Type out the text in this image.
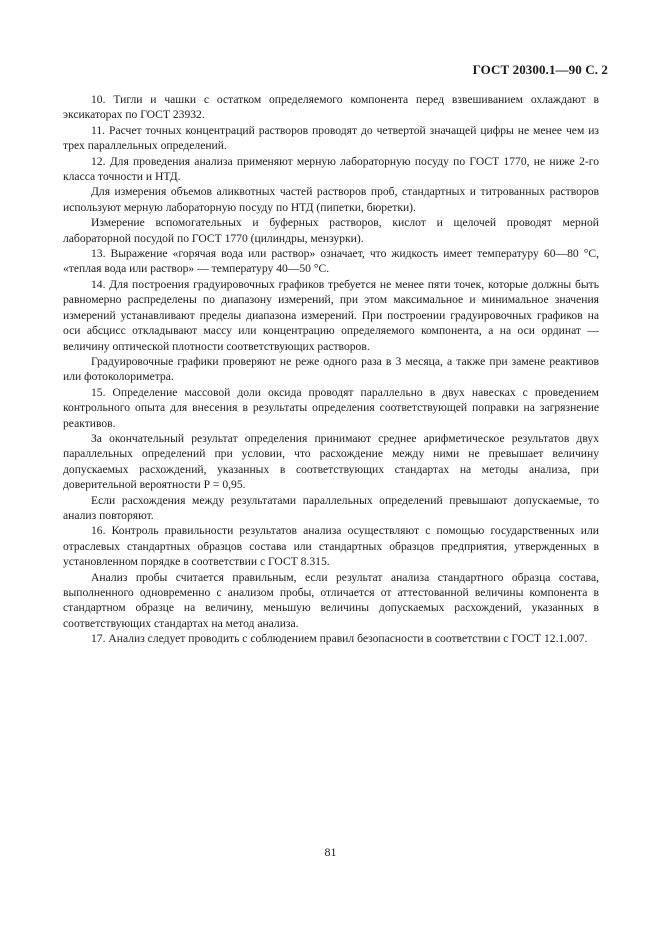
ГОСТ 20300.1—90 С. 2

10. Тигли и чашки с остатком определяемого компонента перед взвешиванием охлаждают в эксикаторах по ГОСТ 23932.

11. Расчет точных концентраций растворов проводят до четвертой значащей цифры не менее чем из трех параллельных определений.

12. Для проведения анализа применяют мерную лабораторную посуду по ГОСТ 1770, не ниже 2-го класса точности и НТД.

Для измерения объемов аликвотных частей растворов проб, стандартных и титрованных растворов используют мерную лабораторную посуду по НТД (пипетки, бюретки).

Измерение вспомогательных и буферных растворов, кислот и щелочей проводят мерной лабораторной посудой по ГОСТ 1770 (цилиндры, мензурки).

13. Выражение «горячая вода или раствор» означает, что жидкость имеет температуру 60—80 °С, «теплая вода или раствор» — температуру 40—50 °С.

14. Для построения градуировочных графиков требуется не менее пяти точек, которые должны быть равномерно распределены по диапазону измерений, при этом максимальное и минимальное значения измерений устанавливают пределы диапазона измерений. При построении градуировочных графиков на оси абсцисс откладывают массу или концентрацию определяемого компонента, а на оси ординат — величину оптической плотности соответствующих растворов.

Градуировочные графики проверяют не реже одного раза в 3 месяца, а также при замене реактивов или фотоколориметра.

15. Определение массовой доли оксида проводят параллельно в двух навесках с проведением контрольного опыта для внесения в результаты определения соответствующей поправки на загрязнение реактивов.

За окончательный результат определения принимают среднее арифметическое результатов двух параллельных определений при условии, что расхождение между ними не превышает величину допускаемых расхождений, указанных в соответствующих стандартах на методы анализа, при доверительной вероятности Р = 0,95.

Если расхождения между результатами параллельных определений превышают допускаемые, то анализ повторяют.

16. Контроль правильности результатов анализа осуществляют с помощью государственных или отраслевых стандартных образцов состава или стандартных образцов предприятия, утвержденных в установленном порядке в соответствии с ГОСТ 8.315.

Анализ пробы считается правильным, если результат анализа стандартного образца состава, выполненного одновременно с анализом пробы, отличается от аттестованной величины компонента в стандартном образце на величину, меньшую величины допускаемых расхождений, указанных в соответствующих стандартах на метод анализа.

17. Анализ следует проводить с соблюдением правил безопасности в соответствии с ГОСТ 12.1.007.

81
